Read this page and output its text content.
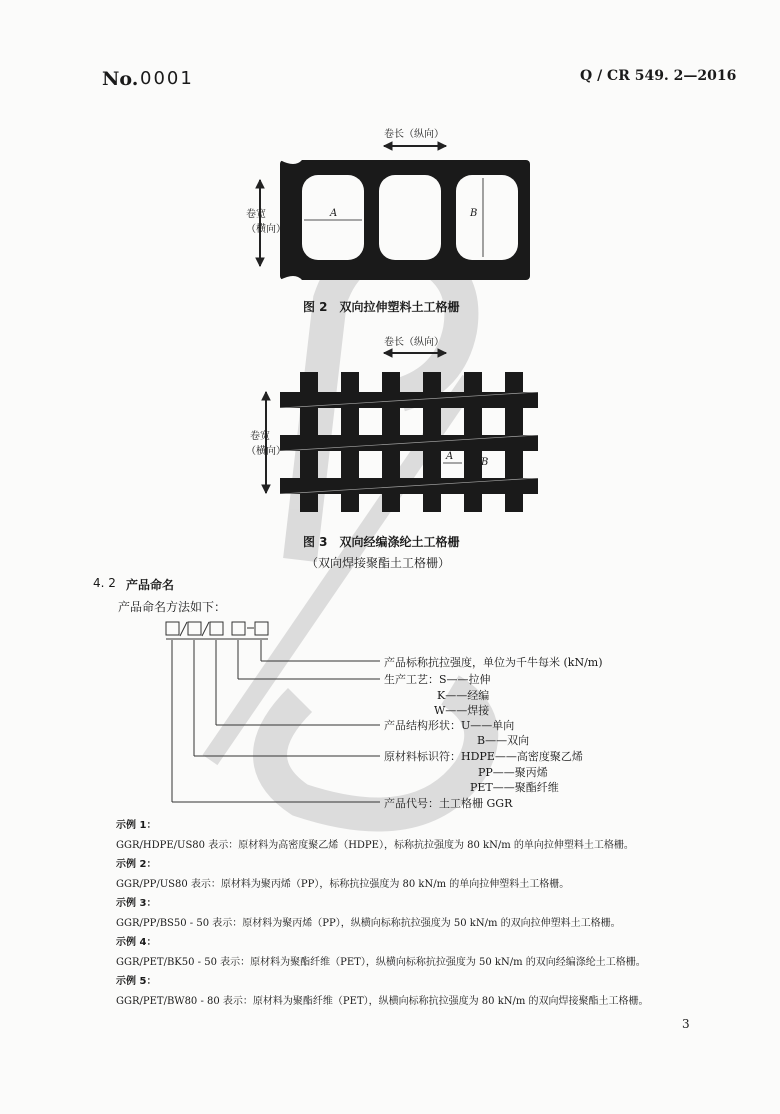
No. 0001	Q / CR 549. 2—2016
卷长（纵向）
卷宽
（横向）
A	B
图 2　双向拉伸塑料土工格栅
卷长（纵向）
卷宽
（横向）	A
B
图 3　双向经编涤纶土工格栅
（双向焊接聚酯土工格栅）
4. 2 产品命名
产品命名方法如下：
产品标称抗拉强度，单位为千牛每米 (kN/m)
生产工艺：S——拉伸
K——经编
W——焊接
产品结构形状：U——单向
B——双向
原材料标识符：HDPE——高密度聚乙烯
PP——聚丙烯
PET——聚酯纤维
产品代号：土工格栅 GGR
示例 1：
GGR/HDPE/US80 表示：原材料为高密度聚乙烯（HDPE），标称抗拉强度为 80 kN/m 的单向拉伸塑料土工格栅。
示例 2：
GGR/PP/US80 表示：原材料为聚丙烯（PP），标称抗拉强度为 80 kN/m 的单向拉伸塑料土工格栅。
示例 3：
GGR/PP/BS50 - 50 表示：原材料为聚丙烯（PP），纵横向标称抗拉强度为 50 kN/m 的双向拉伸塑料土工格栅。
示例 4：
GGR/PET/BK50 - 50 表示：原材料为聚酯纤维（PET），纵横向标称抗拉强度为 50 kN/m 的双向经编涤纶土工格栅。
示例 5：
GGR/PET/BW80 - 80 表示：原材料为聚酯纤维（PET），纵横向标称抗拉强度为 80 kN/m 的双向焊接聚酯土工格栅。
3
